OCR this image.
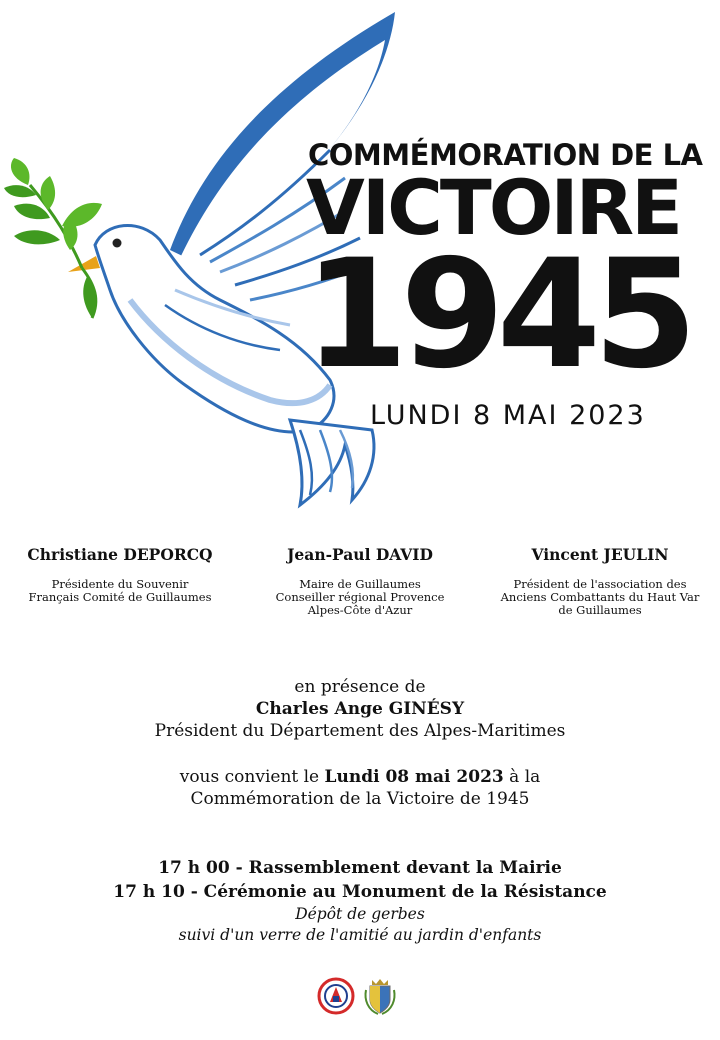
COMMÉMORATION DE LA
VICTOIRE
1945
LUNDI 8 MAI 2023
Christiane DEPORCQ
Présidente du Souvenir Français Comité de Guillaumes
Jean-Paul DAVID
Maire de Guillaumes Conseiller régional Provence Alpes-Côte d'Azur
Vincent JEULIN
Président de l'association des Anciens Combattants du Haut Var de Guillaumes
en présence de
Charles Ange GINÉSY
Président du Département des Alpes-Maritimes
vous convient le Lundi 08 mai 2023 à la
Commémoration de la Victoire de 1945
17 h 00 - Rassemblement devant la Mairie
17 h 10 - Cérémonie au Monument de la Résistance
Dépôt de gerbes
suivi d'un verre de l'amitié au jardin d'enfants
